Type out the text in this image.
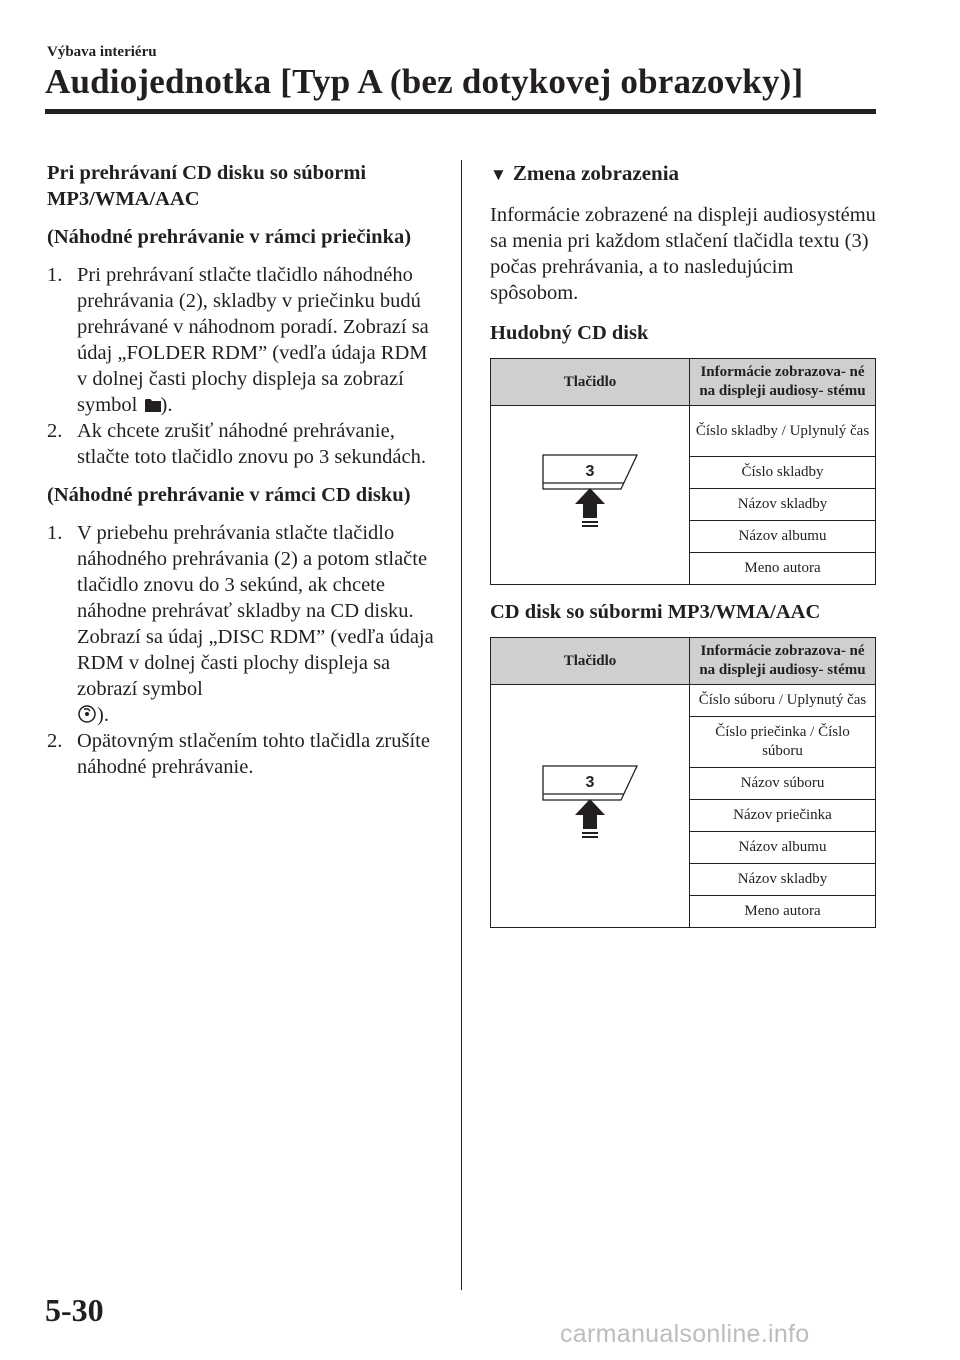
Výbava interiéru
Audiojednotka [Typ A (bez dotykovej obrazovky)]
Pri prehrávaní CD disku so súbormi MP3/WMA/AAC
(Náhodné prehrávanie v rámci priečinka)
1. Pri prehrávaní stlačte tlačidlo náhodného prehrávania (2), skladby v priečinku budú prehrávané v náhodnom poradí. Zobrazí sa údaj „FOLDER RDM” (vedľa údaja RDM v dolnej časti plochy displeja sa zobrazí symbol ).
2. Ak chcete zrušiť náhodné prehrávanie, stlačte toto tlačidlo znovu po 3 sekundách.
(Náhodné prehrávanie v rámci CD disku)
1. V priebehu prehrávania stlačte tlačidlo náhodného prehrávania (2) a potom stlačte tlačidlo znovu do 3 sekúnd, ak chcete náhodne prehrávať skladby na CD disku. Zobrazí sa údaj „DISC RDM” (vedľa údaja RDM v dolnej časti plochy displeja sa zobrazí symbol
).
2. Opätovným stlačením tohto tlačidla zrušíte náhodné prehrávanie.
▼ Zmena zobrazenia

Informácie zobrazené na displeji audiosystému sa menia pri každom stlačení tlačidla textu (3) počas prehrávania, a to nasledujúcim spôsobom.

Hudobný CD disk
Tlačidlo	Informácie zobrazova- né na displeji audiosy- stému

3	Číslo skladby / Uplynulý čas
	Číslo skladby
	Názov skladby
	Názov albumu
	Meno autora
CD disk so súbormi MP3/WMA/AAC
Tlačidlo	Informácie zobrazova- né na displeji audiosy- stému

3	Číslo súboru / Uplynutý čas
	Číslo priečinka / Číslo súboru
	Názov súboru
	Názov priečinka
	Názov albumu
	Názov skladby
	Meno autora
5-30
carmanualsonline.info
